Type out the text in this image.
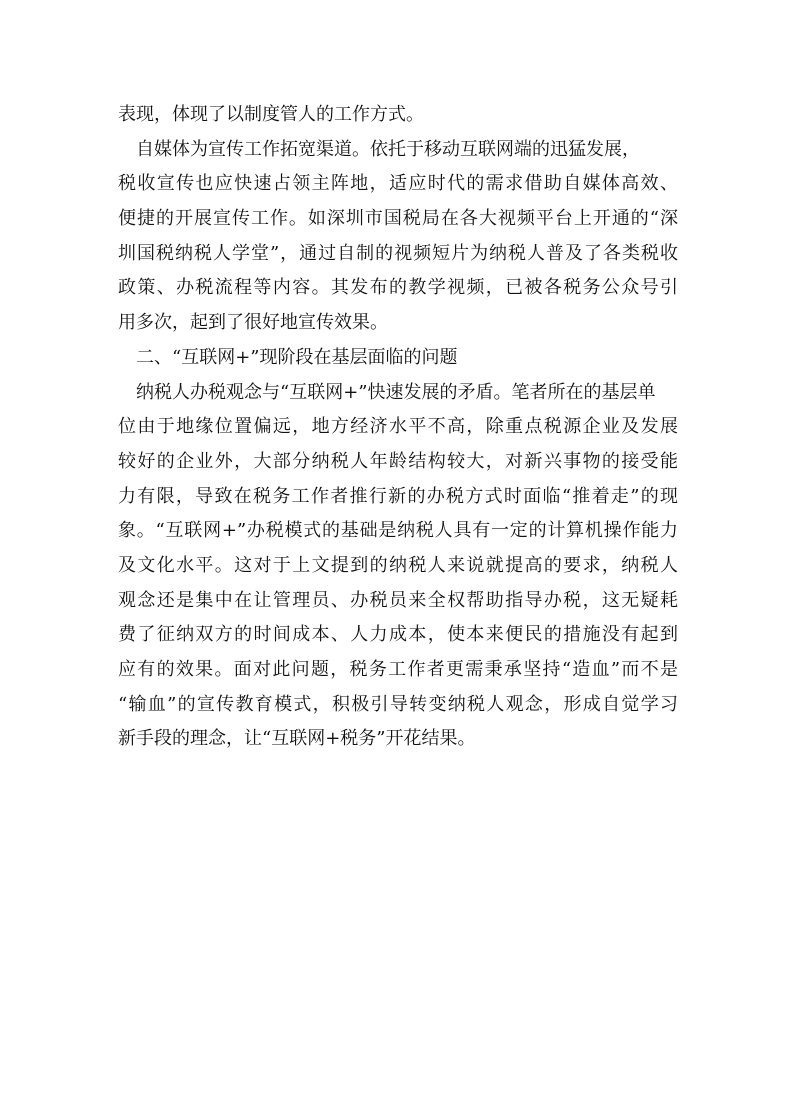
表现，体现了以制度管人的工作方式。
自媒体为宣传工作拓宽渠道。依托于移动互联网端的迅猛发展，
税收宣传也应快速占领主阵地，适应时代的需求借助自媒体高效、
便捷的开展宣传工作。如深圳市国税局在各大视频平台上开通的“深
圳国税纳税人学堂”，通过自制的视频短片为纳税人普及了各类税收
政策、办税流程等内容。其发布的教学视频，已被各税务公众号引
用多次，起到了很好地宣传效果。
二、“互联网+”现阶段在基层面临的问题
纳税人办税观念与“互联网+”快速发展的矛盾。笔者所在的基层单
位由于地缘位置偏远，地方经济水平不高，除重点税源企业及发展
较好的企业外，大部分纳税人年龄结构较大，对新兴事物的接受能
力有限，导致在税务工作者推行新的办税方式时面临“推着走”的现
象。“互联网+”办税模式的基础是纳税人具有一定的计算机操作能力
及文化水平。这对于上文提到的纳税人来说就提高的要求，纳税人
观念还是集中在让管理员、办税员来全权帮助指导办税，这无疑耗
费了征纳双方的时间成本、人力成本，使本来便民的措施没有起到
应有的效果。面对此问题，税务工作者更需秉承坚持“造血”而不是
“输血”的宣传教育模式，积极引导转变纳税人观念，形成自觉学习
新手段的理念，让“互联网+税务”开花结果。
